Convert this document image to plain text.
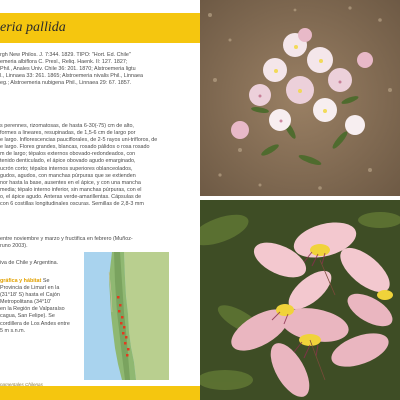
eria pallida
rgh New Philos. J. 7:344. 1829. TIPO: "Hort. Ed. Chile"
emeria albiflora C. Presl., Reliq. Haenk. II: 127. 1827;
Phil., Anales Univ. Chile 36: 201. 1870; Alstroemeria ligtu
l., Linnaea 33: 261. 1865; Alstroemeria nivalis Phil., Linnaea
eg.; Alstroemeria nubigena Phil., Linnaea 29: 67. 1857.
s perennes, rizomatosas, de hasta 6-30(-75) cm de alto,
formes a lineares, resupinadas, de 1,5-6 cm de largo por
e largo. Inflorescencias pauciflorales, de 2-5 rayos uni-trifloros, de
e largo. Flores grandes, blancas, rosado pálidos o rosa rosado
m de largo; tépalos externos obovado-redondeados, con
tenido denticulado, el ápice obovado agudo emarginado,
ucrón corto; tépalos internos superiores oblanceolados,
gudos, agudos, con manchas púrpuras que se extienden
nor hasta la base, ausentes en el ápice, y con una mancha
media; tépalo interno inferior, sin manchas púrpuras, con el
o, el ápice agudo. Anteras verde-amarillentas. Cápsulas de
con 6 costillas longitudinales oscuras. Semillas de 2,8-3 mm
entre noviembre y marzo y fructifica en febrero (Muñoz-
runo 2003).
iva de Chile y Argentina.
gráfica y hábitat Se
Provincia de Limarí en la
(31°18' S) hasta el Cajón
Metropolitana (34°10'
en la Región de Valparaíso
cagua, San Felipe). Se
cordillera de Los Andes entre
5 m s.n.m.
namentales Chilenas
